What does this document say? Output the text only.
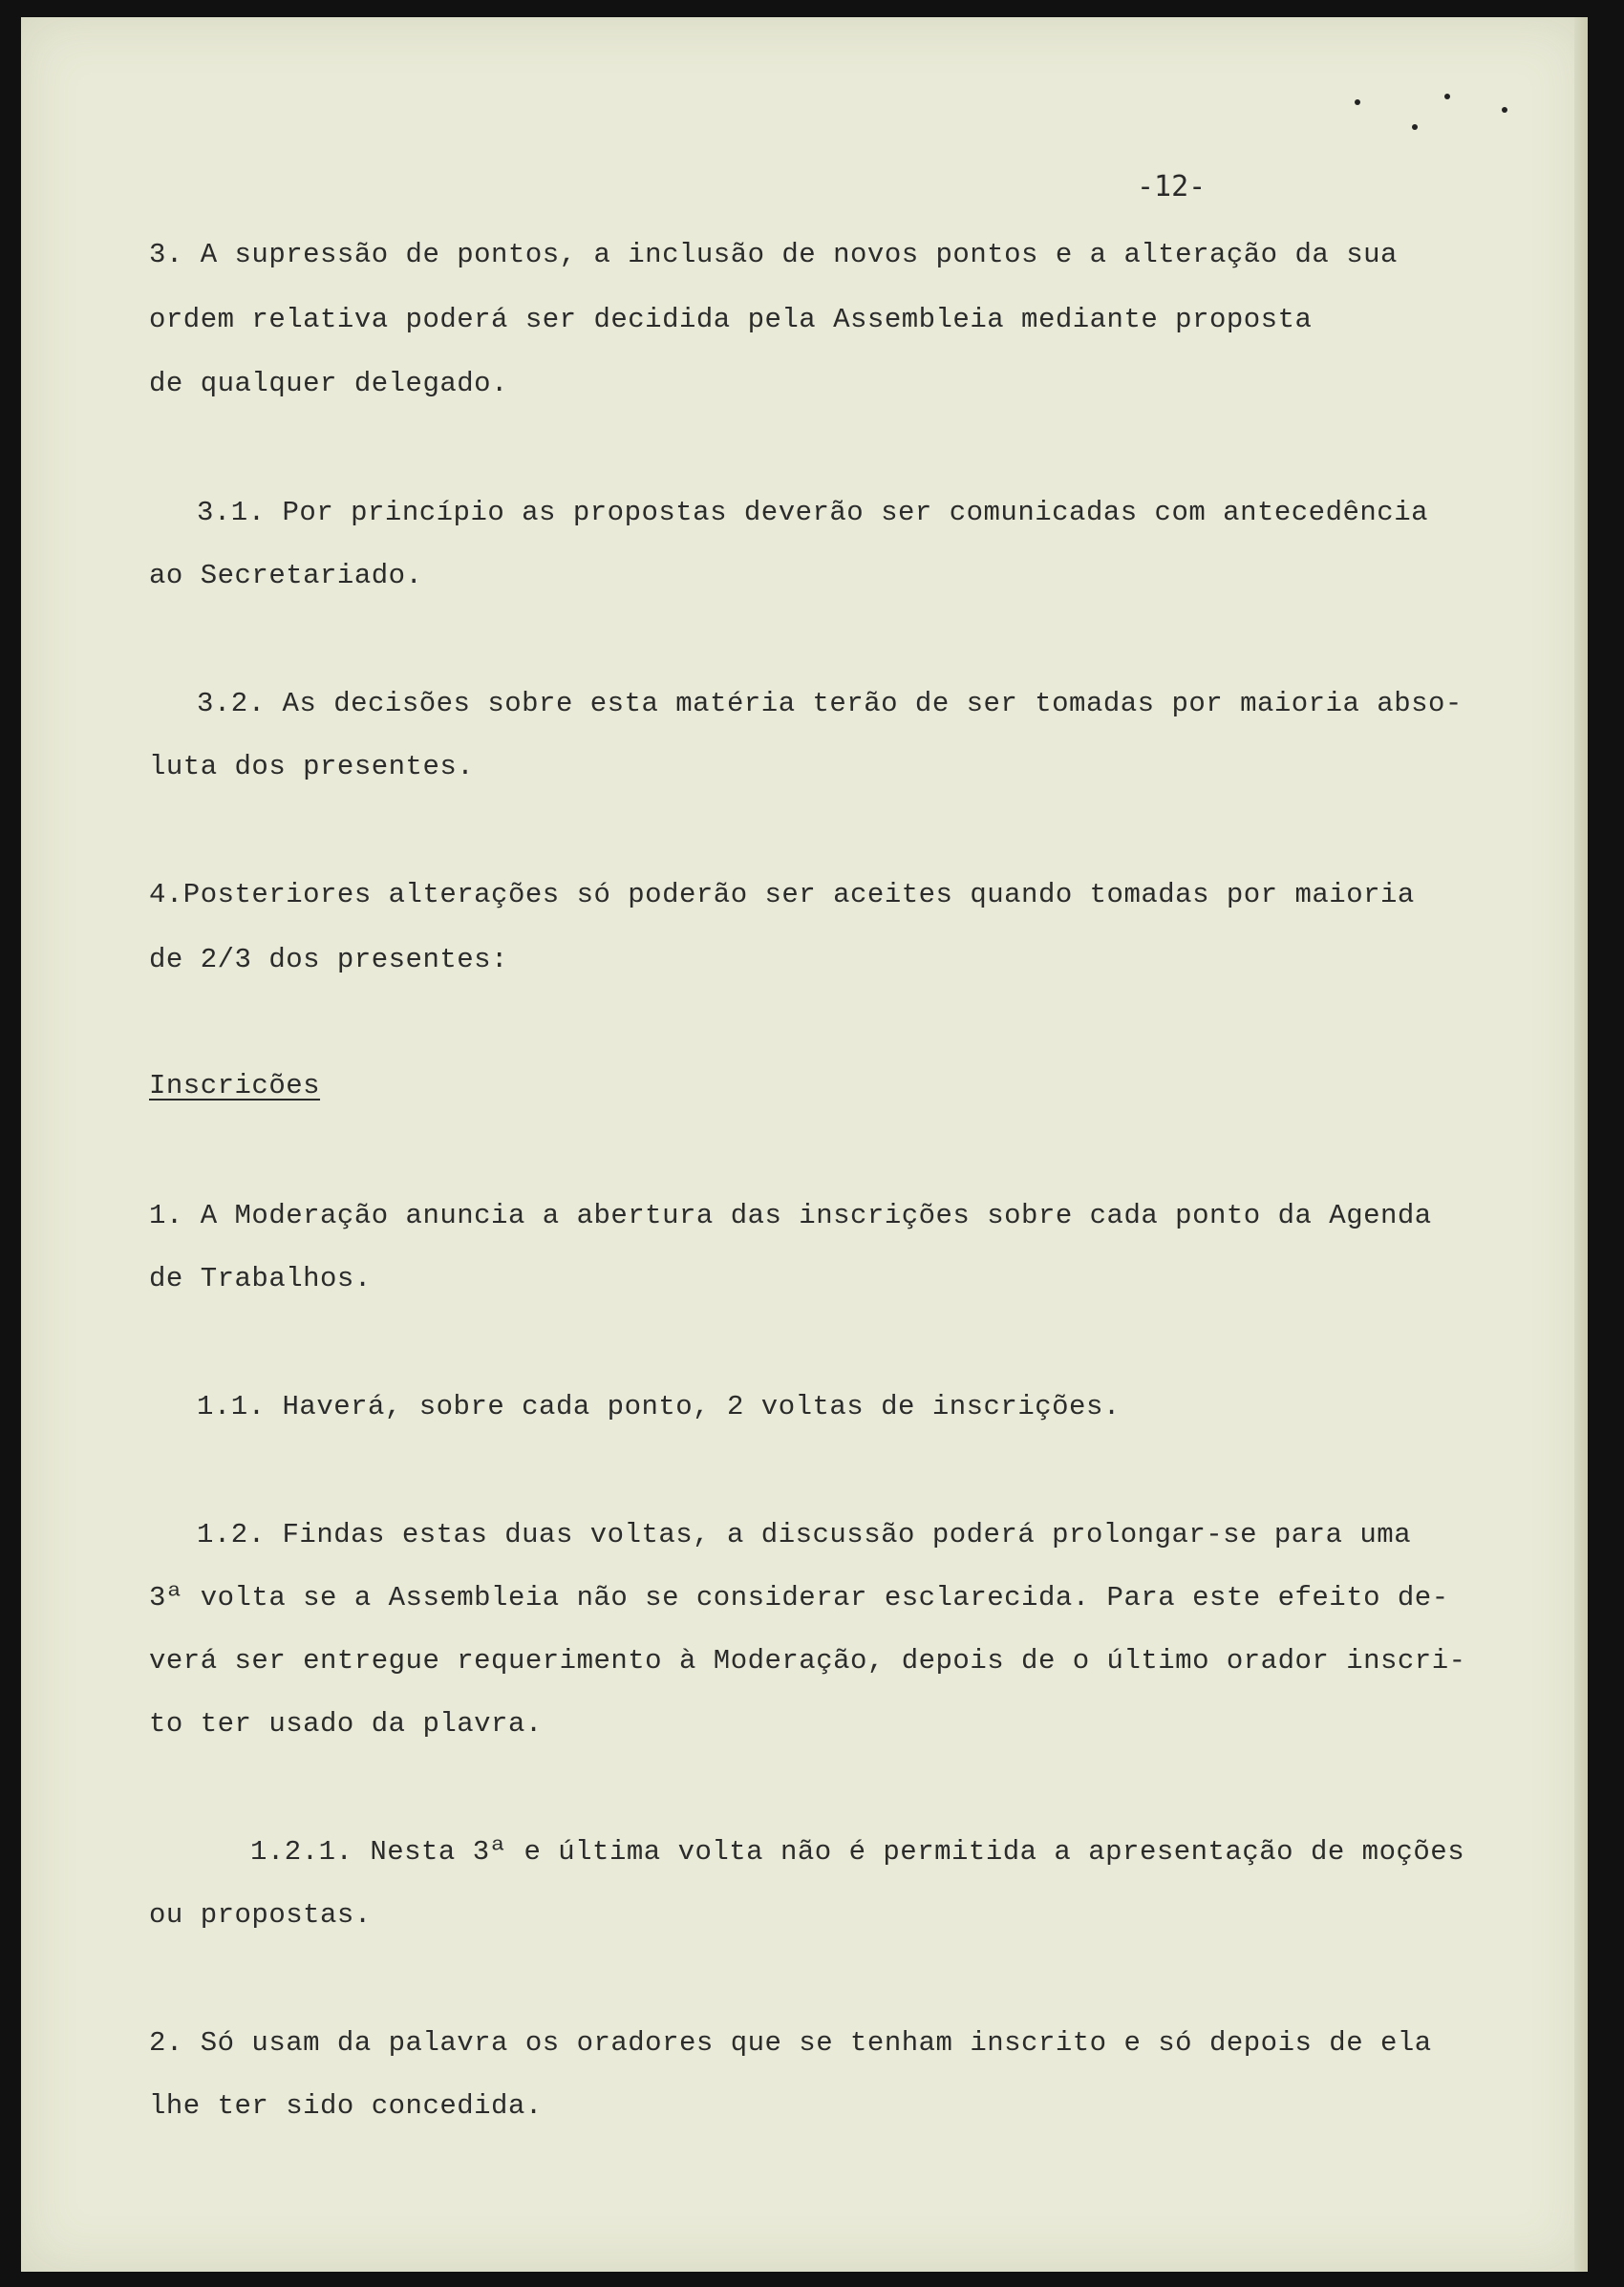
-12-
3. A supressão de pontos, a inclusão de novos pontos e a alteração da sua
ordem relativa poderá ser decidida pela Assembleia mediante proposta
de qualquer delegado.
3.1. Por princípio as propostas deverão ser comunicadas com antecedência
ao Secretariado.
3.2. As decisões sobre esta matéria terão de ser tomadas por maioria abso-
luta dos presentes.
4.Posteriores alterações só poderão ser aceites quando tomadas por maioria
de 2/3 dos presentes:
Inscricões
1. A Moderação anuncia a abertura das inscrições sobre cada ponto da Agenda
de Trabalhos.
1.1. Haverá, sobre cada ponto, 2 voltas de inscrições.
1.2. Findas estas duas voltas, a discussão poderá prolongar-se para uma
3ª volta se a Assembleia não se considerar esclarecida. Para este efeito de-
verá ser entregue requerimento à Moderação, depois de o último orador inscri-
to ter usado da plavra.
1.2.1. Nesta 3ª e última volta não é permitida a apresentação de moções
ou propostas.
2. Só usam da palavra os oradores que se tenham inscrito e só depois de ela
lhe ter sido concedida.
